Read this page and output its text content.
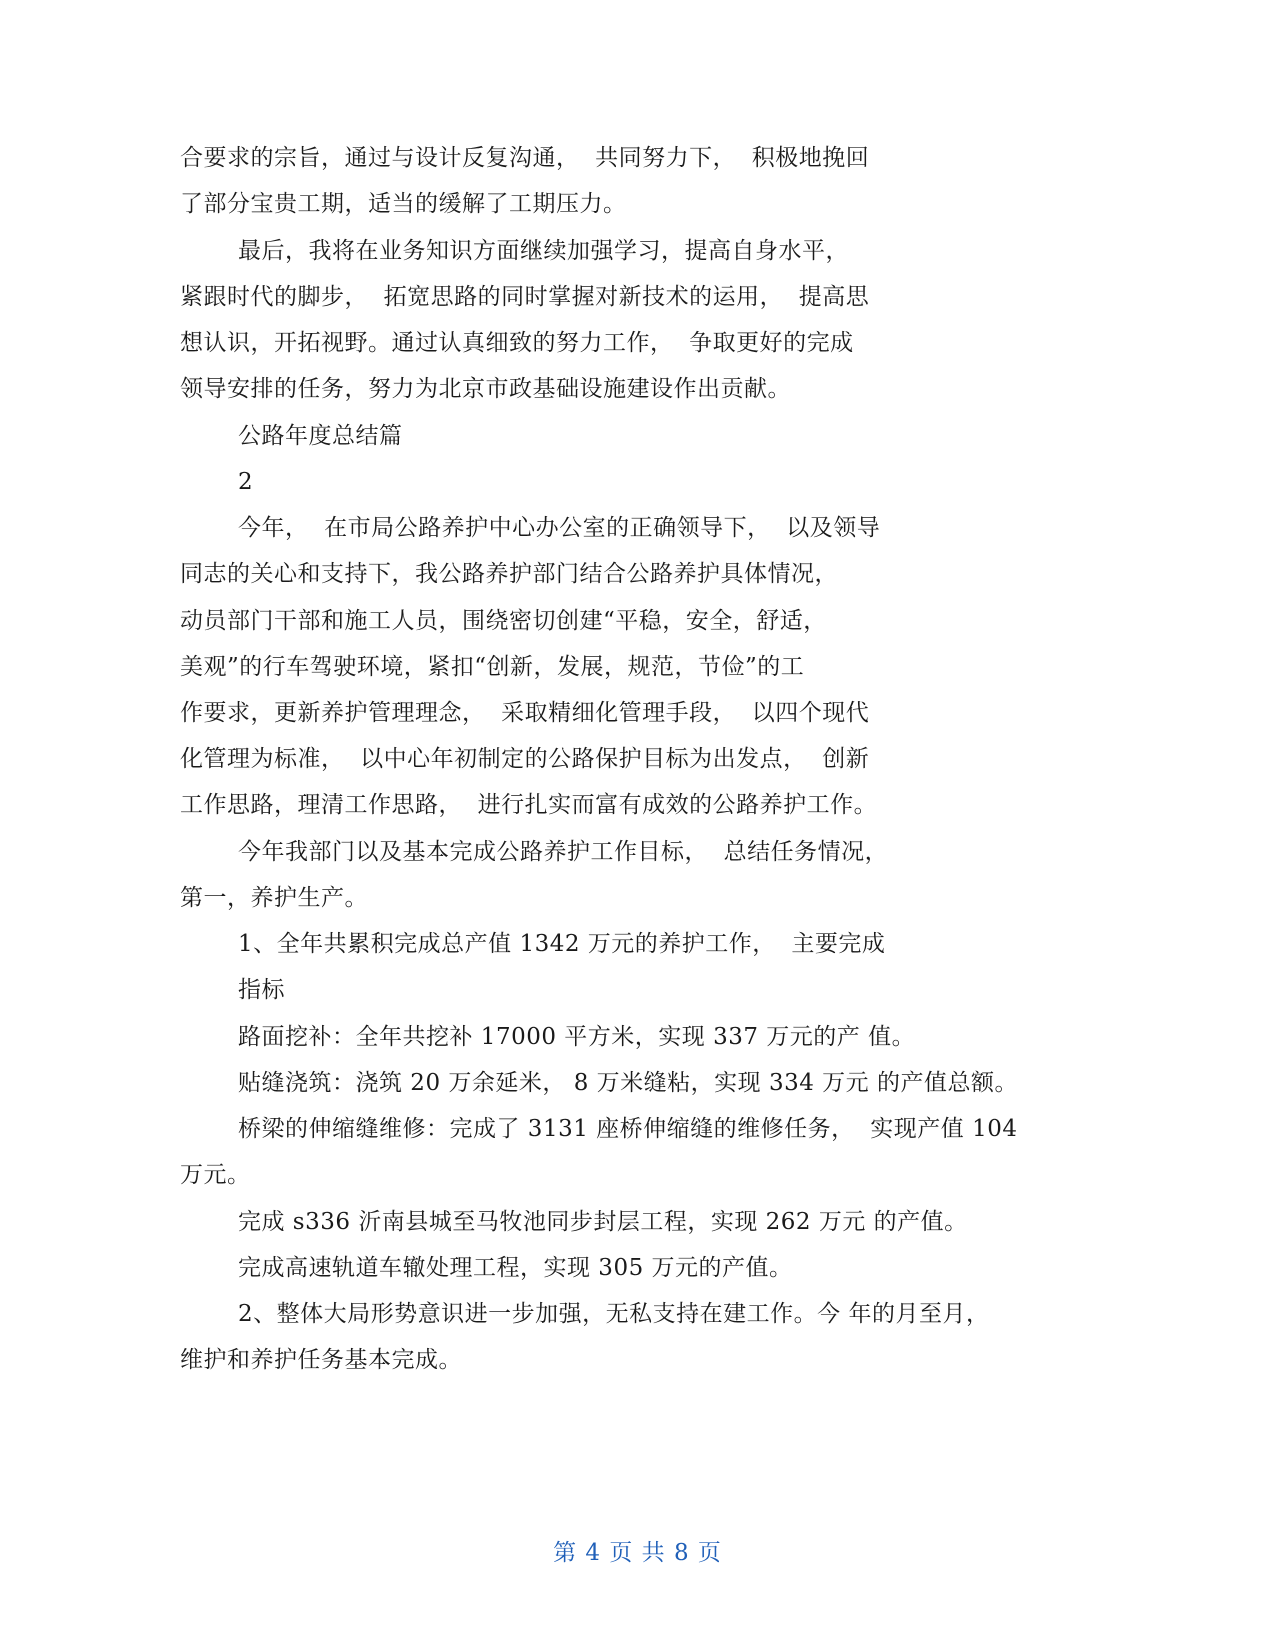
合要求的宗旨，通过与设计反复沟通，  共同努力下，  积极地挽回
了部分宝贵工期，适当的缓解了工期压力。
最后，我将在业务知识方面继续加强学习，提高自身水平，
紧跟时代的脚步，  拓宽思路的同时掌握对新技术的运用，  提高思
想认识，开拓视野。通过认真细致的努力工作，  争取更好的完成
领导安排的任务，努力为北京市政基础设施建设作出贡献。
公路年度总结篇
2
今年，  在市局公路养护中心办公室的正确领导下，  以及领导
同志的关心和支持下，我公路养护部门结合公路养护具体情况，
动员部门干部和施工人员，围绕密切创建“平稳，安全，舒适，
美观”的行车驾驶环境，紧扣“创新，发展，规范，节俭”的工
作要求，更新养护管理理念，  采取精细化管理手段，  以四个现代
化管理为标准，  以中心年初制定的公路保护目标为出发点，  创新
工作思路，理清工作思路，  进行扎实而富有成效的公路养护工作。
今年我部门以及基本完成公路养护工作目标，  总结任务情况，
第一，养护生产。
1、全年共累积完成总产值 1342 万元的养护工作，  主要完成
指标
路面挖补：全年共挖补 17000 平方米，实现 337 万元的产 值。
贴缝浇筑：浇筑 20 万余延米， 8 万米缝粘，实现 334 万元 的产值总额。
桥梁的伸缩缝维修：完成了 3131 座桥伸缩缝的维修任务，  实现产值 104
万元。
完成 s336 沂南县城至马牧池同步封层工程，实现 262 万元 的产值。
完成高速轨道车辙处理工程，实现 305 万元的产值。
2、整体大局形势意识进一步加强，无私支持在建工作。今 年的月至月，
维护和养护任务基本完成。
第 4 页 共 8 页
